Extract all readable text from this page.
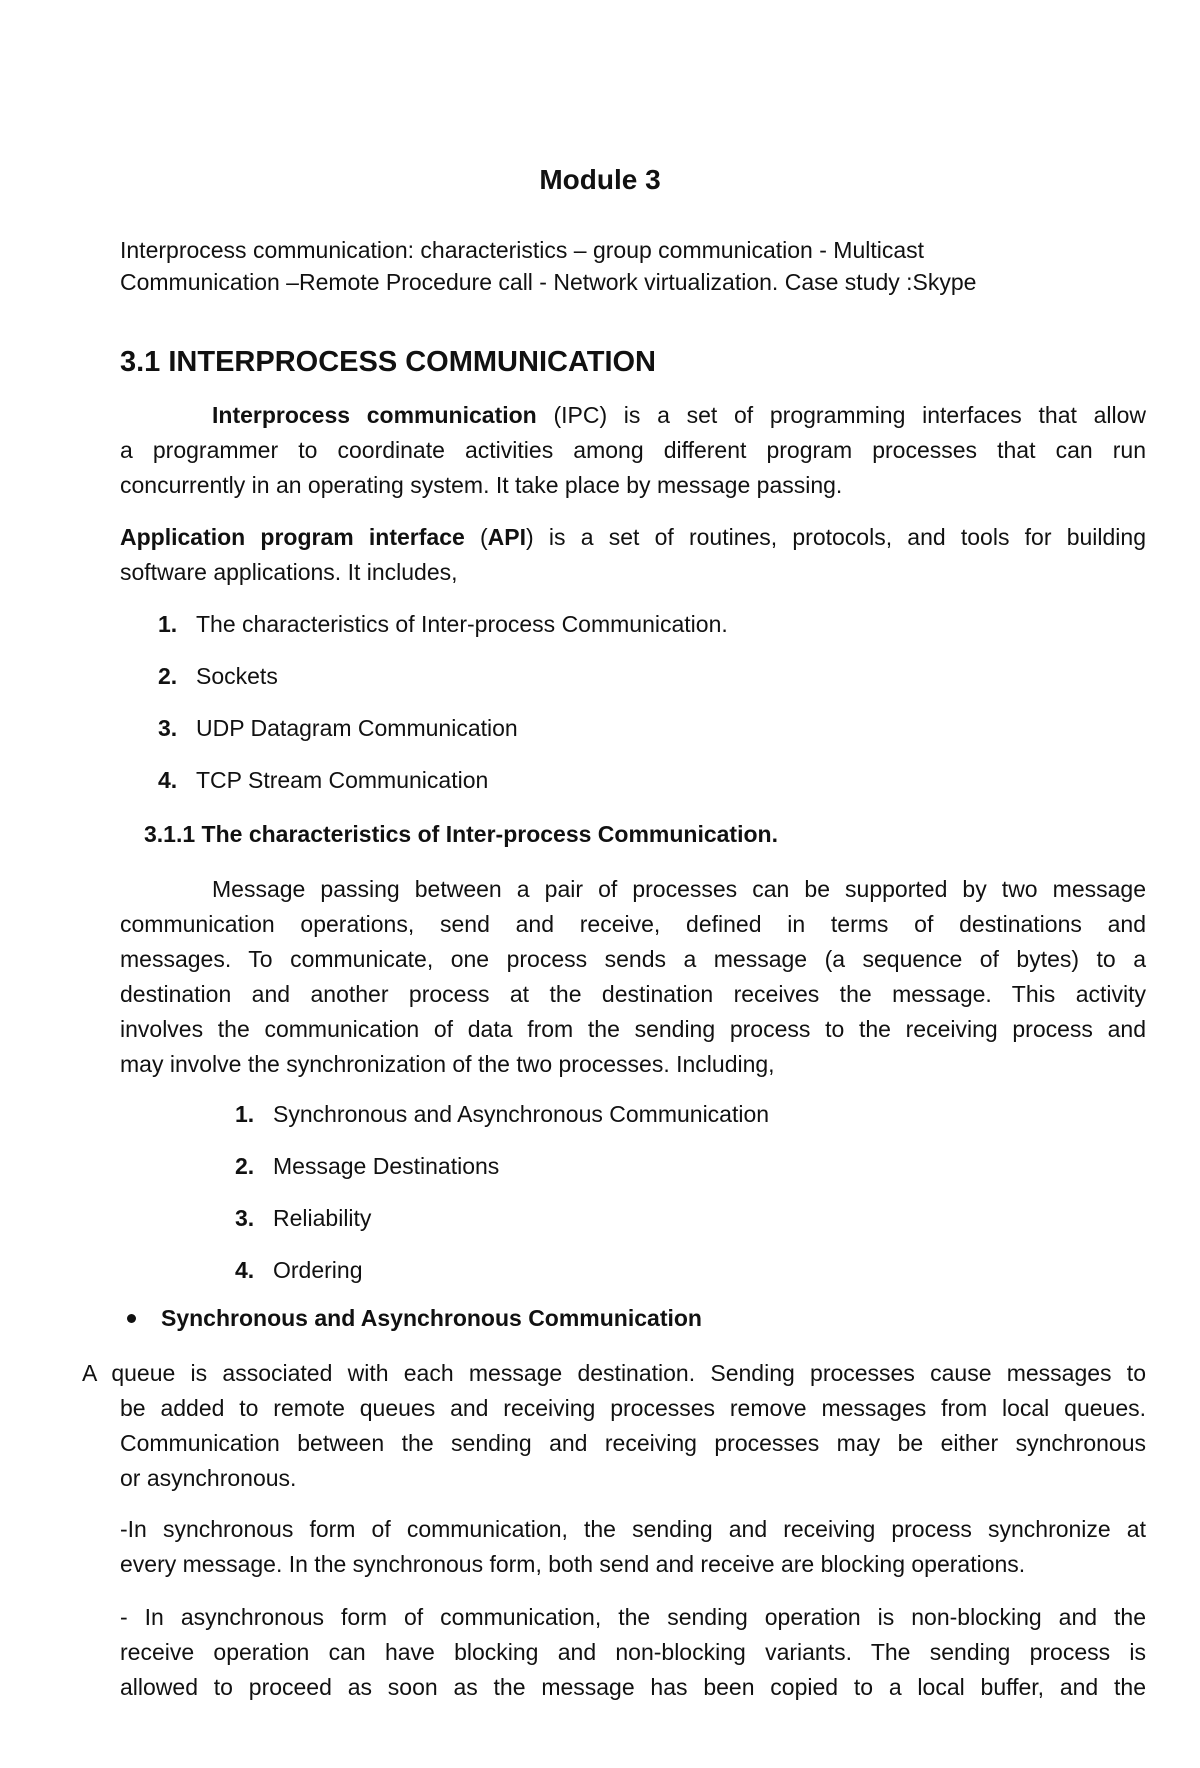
Module 3
Interprocess communication: characteristics – group communication - Multicast
Communication –Remote Procedure call - Network virtualization. Case study :Skype
3.1 INTERPROCESS COMMUNICATION
Interprocess communication (IPC) is a set of programming interfaces that allow
a programmer to coordinate activities among different program processes that can run
concurrently in an operating system. It take place by message passing.
Application program interface (API) is a set of routines, protocols, and tools for building
software applications. It includes,
1. The characteristics of Inter-process Communication.
2. Sockets
3. UDP Datagram Communication
4. TCP Stream Communication
3.1.1 The characteristics of Inter-process Communication.
Message passing between a pair of processes can be supported by two message
communication operations, send and receive, defined in terms of destinations and
messages. To communicate, one process sends a message (a sequence of bytes) to a
destination and another process at the destination receives the message. This activity
involves the communication of data from the sending process to the receiving process and
may involve the synchronization of the two processes. Including,
1. Synchronous and Asynchronous Communication
2. Message Destinations
3. Reliability
4. Ordering
Synchronous and Asynchronous Communication
A queue is associated with each message destination. Sending processes cause messages to
be added to remote queues and receiving processes remove messages from local queues.
Communication between the sending and receiving processes may be either synchronous
or asynchronous.
-In synchronous form of communication, the sending and receiving process synchronize at
every message. In the synchronous form, both send and receive are blocking operations.
- In asynchronous form of communication, the sending operation is non-blocking and the
receive operation can have blocking and non-blocking variants. The sending process is
allowed to proceed as soon as the message has been copied to a local buffer, and the
